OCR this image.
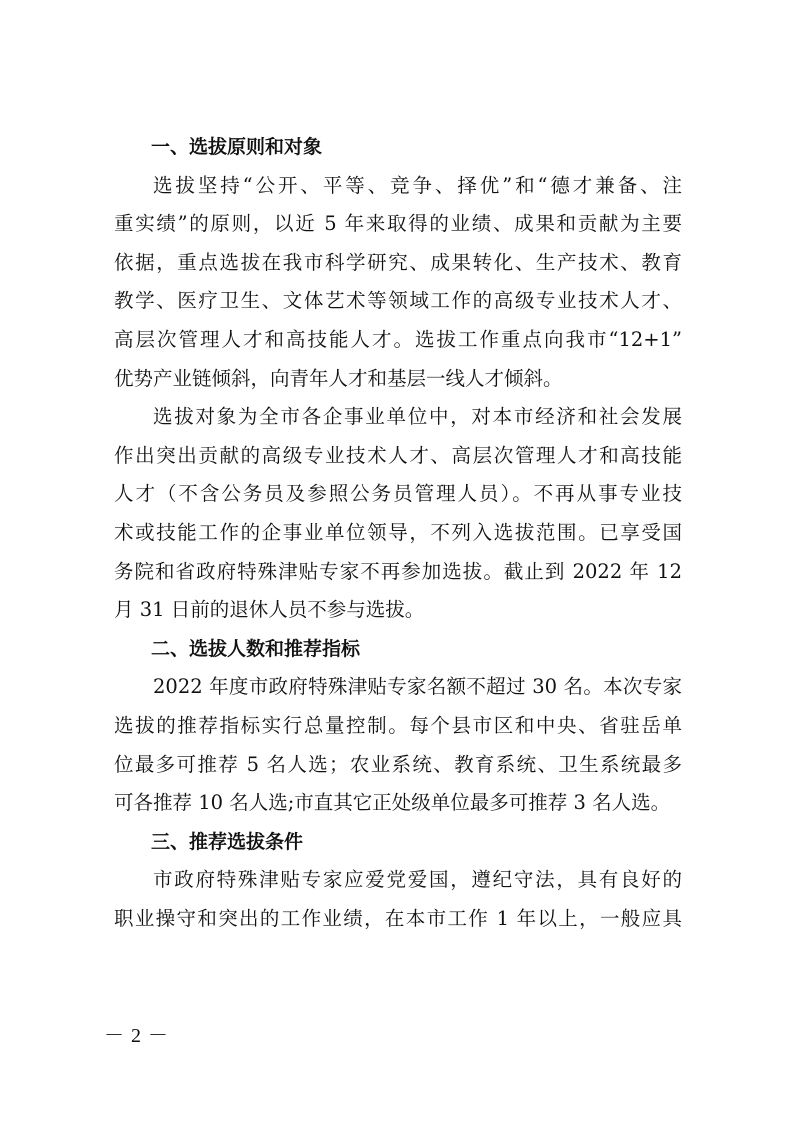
一、选拔原则和对象
选拔坚持“公开、平等、竞争、择优”和“德才兼备、注
重实绩”的原则，以近 5 年来取得的业绩、成果和贡献为主要
依据，重点选拔在我市科学研究、成果转化、生产技术、教育
教学、医疗卫生、文体艺术等领域工作的高级专业技术人才、
高层次管理人才和高技能人才。选拔工作重点向我市“12+1”
优势产业链倾斜，向青年人才和基层一线人才倾斜。
选拔对象为全市各企事业单位中，对本市经济和社会发展
作出突出贡献的高级专业技术人才、高层次管理人才和高技能
人才（不含公务员及参照公务员管理人员）。不再从事专业技
术或技能工作的企事业单位领导，不列入选拔范围。已享受国
务院和省政府特殊津贴专家不再参加选拔。截止到 2022 年 12
月 31 日前的退休人员不参与选拔。
二、选拔人数和推荐指标
2022 年度市政府特殊津贴专家名额不超过 30 名。本次专家
选拔的推荐指标实行总量控制。每个县市区和中央、省驻岳单
位最多可推荐 5 名人选；农业系统、教育系统、卫生系统最多
可各推荐 10 名人选;市直其它正处级单位最多可推荐 3 名人选。
三、推荐选拔条件
市政府特殊津贴专家应爱党爱国，遵纪守法，具有良好的
职业操守和突出的工作业绩，在本市工作 1 年以上，一般应具
－ 2 －
